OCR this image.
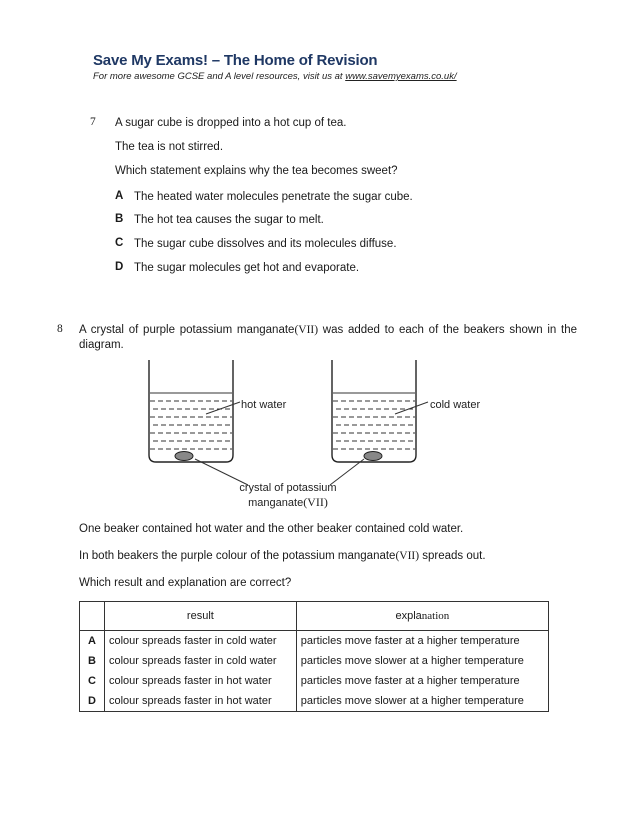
Save My Exams! – The Home of Revision
For more awesome GCSE and A level resources, visit us at www.savemyexams.co.uk/
7 A sugar cube is dropped into a hot cup of tea.
The tea is not stirred.
Which statement explains why the tea becomes sweet?
A The heated water molecules penetrate the sugar cube.
B The hot tea causes the sugar to melt.
C The sugar cube dissolves and its molecules diffuse.
D The sugar molecules get hot and evaporate.
8 A crystal of purple potassium manganate(VII) was added to each of the beakers shown in the diagram.
hot water	cold water
crystal of potassium
manganate(VII)
One beaker contained hot water and the other beaker contained cold water.
In both beakers the purple colour of the potassium manganate(VII) spreads out.
Which result and explanation are correct?
	result	explanation
A	colour spreads faster in cold water	particles move faster at a higher temperature
B	colour spreads faster in cold water	particles move slower at a higher temperature
C	colour spreads faster in hot water	particles move faster at a higher temperature
D	colour spreads faster in hot water	particles move slower at a higher temperature
